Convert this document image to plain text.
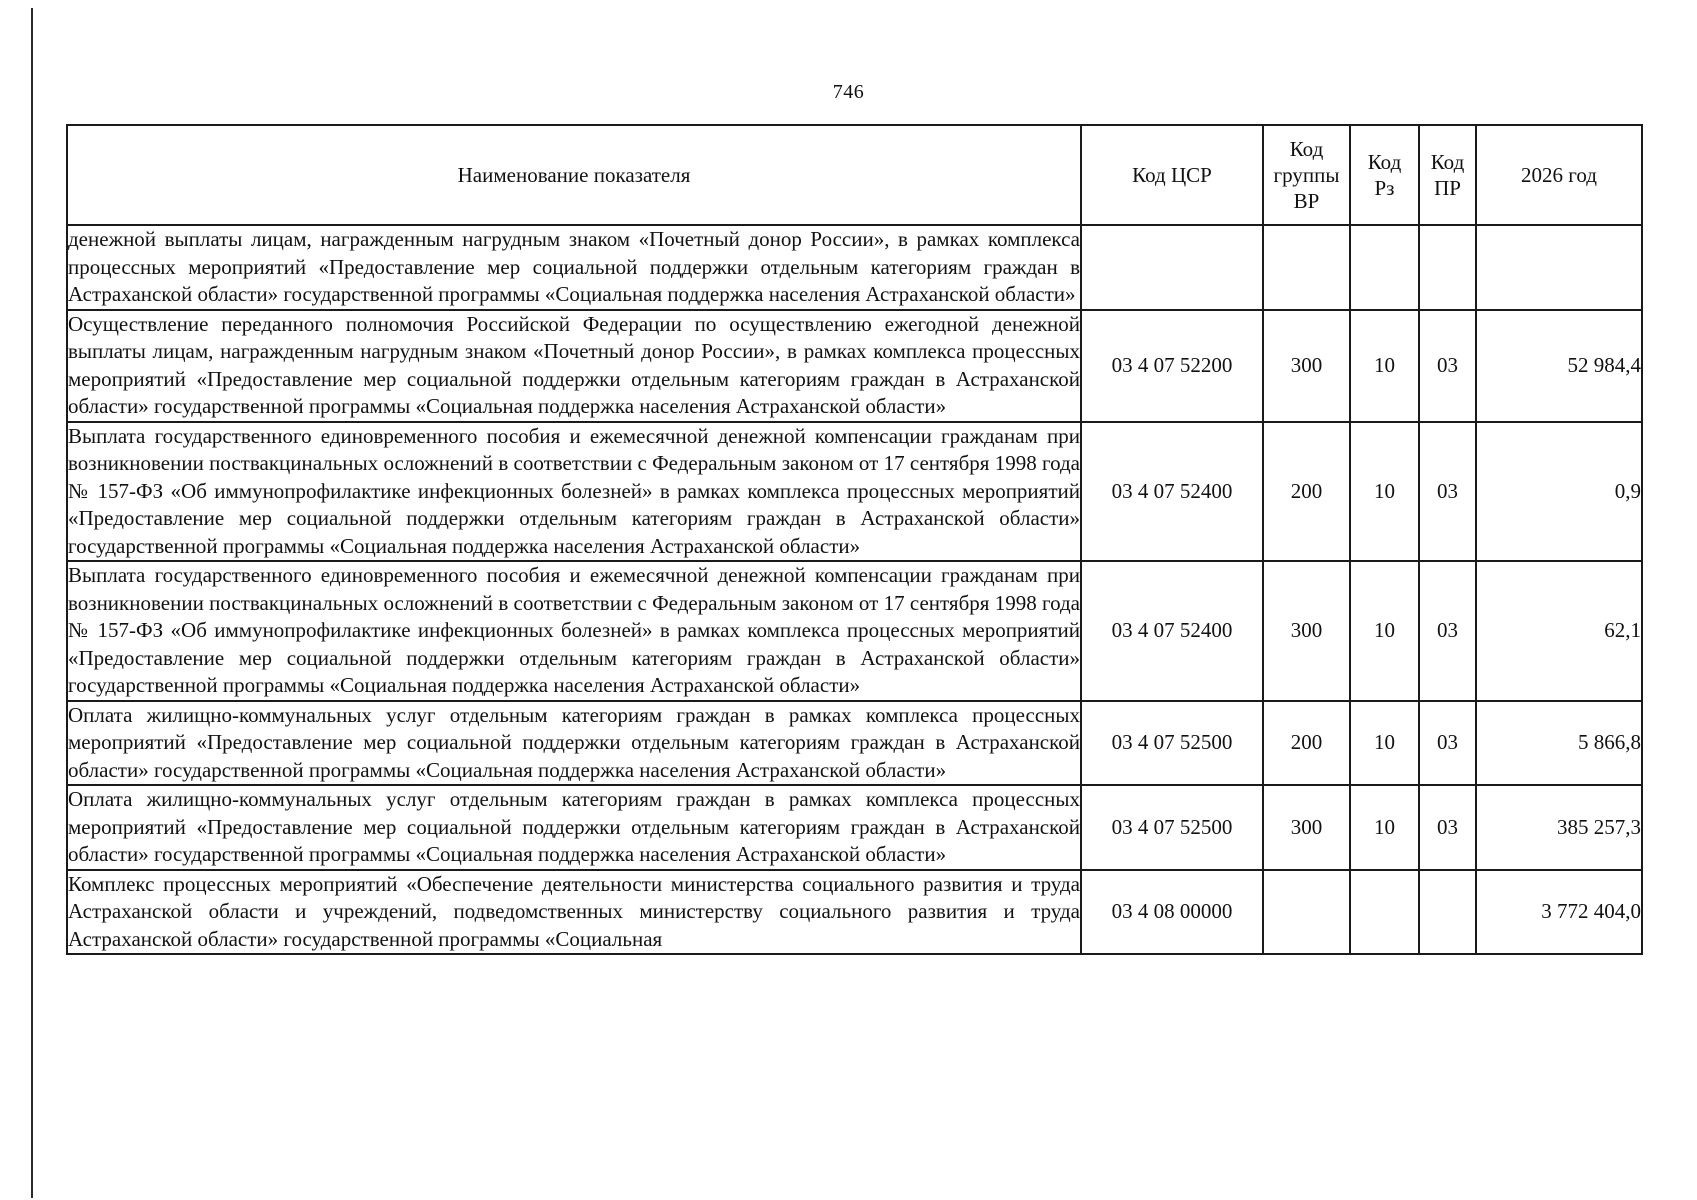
746
Наименование показателя	Код ЦСР	Код группы ВР	Код Рз	Код ПР	2026 год
денежной выплаты лицам, награжденным нагрудным знаком «Почетный донор России», в рамках комплекса процессных мероприятий «Предоставление мер социальной поддержки отдельным категориям граждан в Астраханской области» государственной программы «Социальная поддержка населения Астраханской области»					
Осуществление переданного полномочия Российской Федерации по осуществлению ежегодной денежной выплаты лицам, награжденным нагрудным знаком «Почетный донор России», в рамках комплекса процессных мероприятий «Предоставление мер социальной поддержки отдельным категориям граждан в Астраханской области» государственной программы «Социальная поддержка населения Астраханской области»	03 4 07 52200	300	10	03	52 984,4
Выплата государственного единовременного пособия и ежемесячной денежной компенсации гражданам при возникновении поствакцинальных осложнений в соответствии с Федеральным законом от 17 сентября 1998 года № 157-ФЗ «Об иммунопрофилактике инфекционных болезней» в рамках комплекса процессных мероприятий «Предоставление мер социальной поддержки отдельным категориям граждан в Астраханской области» государственной программы «Социальная поддержка населения Астраханской области»	03 4 07 52400	200	10	03	0,9
Выплата государственного единовременного пособия и ежемесячной денежной компенсации гражданам при возникновении поствакцинальных осложнений в соответствии с Федеральным законом от 17 сентября 1998 года № 157-ФЗ «Об иммунопрофилактике инфекционных болезней» в рамках комплекса процессных мероприятий «Предоставление мер социальной поддержки отдельным категориям граждан в Астраханской области» государственной программы «Социальная поддержка населения Астраханской области»	03 4 07 52400	300	10	03	62,1
Оплата жилищно-коммунальных услуг отдельным категориям граждан в рамках комплекса процессных мероприятий «Предоставление мер социальной поддержки отдельным категориям граждан в Астраханской области» государственной программы «Социальная поддержка населения Астраханской области»	03 4 07 52500	200	10	03	5 866,8
Оплата жилищно-коммунальных услуг отдельным категориям граждан в рамках комплекса процессных мероприятий «Предоставление мер социальной поддержки отдельным категориям граждан в Астраханской области» государственной программы «Социальная поддержка населения Астраханской области»	03 4 07 52500	300	10	03	385 257,3
Комплекс процессных мероприятий «Обеспечение деятельности министерства социального развития и труда Астраханской области и учреждений, подведомственных министерству социального развития и труда Астраханской области» государственной программы «Социальная	03 4 08 00000				3 772 404,0
